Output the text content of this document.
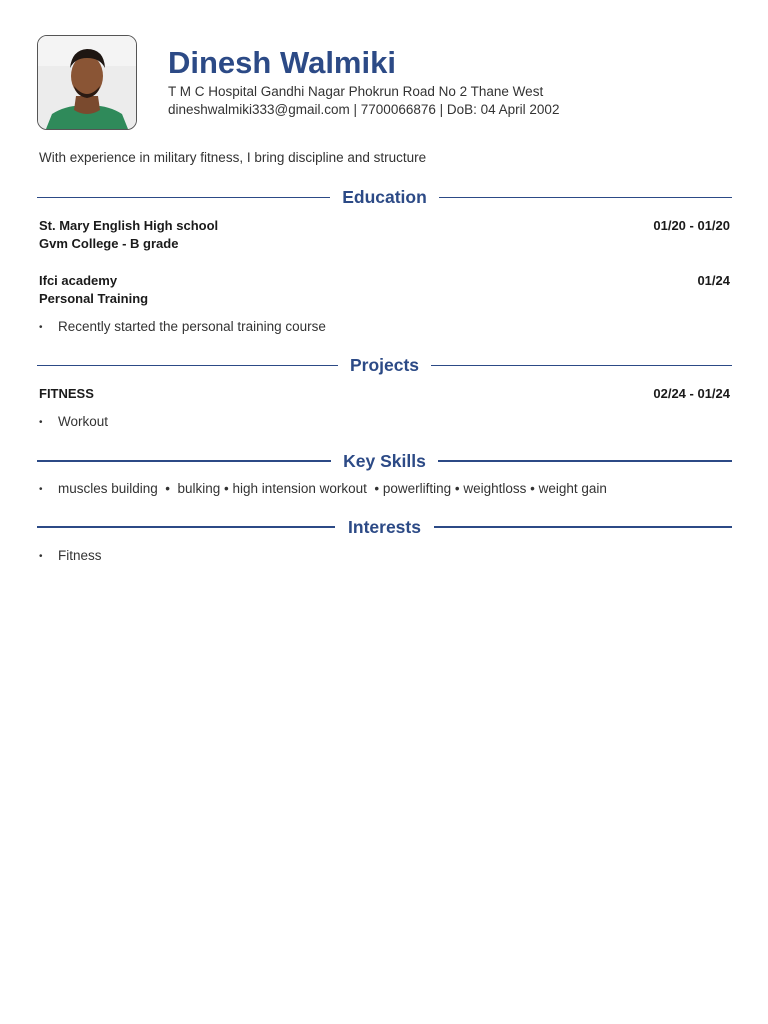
Dinesh Walmiki
T M C Hospital Gandhi Nagar Phokrun Road No 2 Thane West
dineshwalmiki333@gmail.com | 7700066876 | DoB: 04 April 2002
With experience in military fitness, I bring discipline and structure
Education
St. Mary English High school
Gvm College - B grade
01/20 - 01/20
Ifci academy
Personal Training
01/24
• Recently started the personal training course
Projects
FITNESS	02/24 - 01/24
• Workout
Key Skills
• muscles building  •  bulking • high intension workout  • powerlifting • weightloss • weight gain
Interests
• Fitness
